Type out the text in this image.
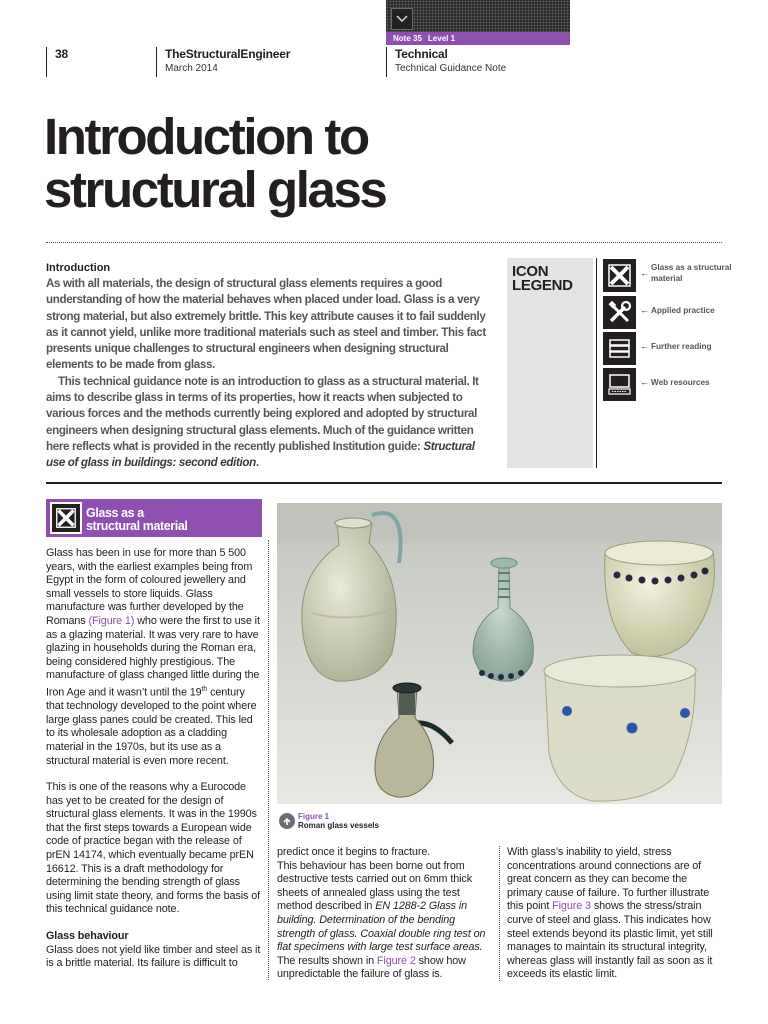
Note 35 Level 1
38	TheStructuralEngineer
March 2014
Technical
Technical Guidance Note
Introduction to
structural glass
Introduction

As with all materials, the design of structural glass elements requires a good understanding of how the material behaves when placed under load. Glass is a very strong material, but also extremely brittle. This key attribute causes it to fail suddenly as it cannot yield, unlike more traditional materials such as steel and timber. This fact presents unique challenges to structural engineers when designing structural elements to be made from glass.

This technical guidance note is an introduction to glass as a structural material. It aims to describe glass in terms of its properties, how it reacts when subjected to various forces and the methods currently being explored and adopted by structural engineers when designing structural glass elements. Much of the guidance written here reflects what is provided in the recently published Institution guide: Structural use of glass in buildings: second edition.

ICON
LEGEND
←
Glass as a structural material
← Applied practice
← Further reading
← Web resources
Glass as a
structural material

Glass has been in use for more than 5 500 years, with the earliest examples being from Egypt in the form of coloured jewellery and small vessels to store liquids. Glass manufacture was further developed by the Romans (Figure 1) who were the first to use it as a glazing material. It was very rare to have glazing in households during the Roman era, being considered highly prestigious. The manufacture of glass changed little during the Iron Age and it wasn’t until the 19th century that technology developed to the point where large glass panes could be created. This led to its wholesale adoption as a cladding material in the 1970s, but its use as a structural material is even more recent.

This is one of the reasons why a Eurocode has yet to be created for the design of structural glass elements. It was in the 1990s that the first steps towards a European wide code of practice began with the release of prEN 14174, which eventually became prEN 16612. This is a draft methodology for determining the bending strength of glass using limit state theory, and forms the basis of this technical guidance note.

Glass behaviour

Glass does not yield like timber and steel as it is a brittle material. Its failure is difficult to

Figure 1
Roman glass vessels

predict once it begins to fracture.

This behaviour has been borne out from destructive tests carried out on 6mm thick sheets of annealed glass using the test method described in EN 1288-2 Glass in building. Determination of the bending strength of glass. Coaxial double ring test on flat specimens with large test surface areas. The results shown in Figure 2 show how unpredictable the failure of glass is.

With glass’s inability to yield, stress concentrations around connections are of great concern as they can become the primary cause of failure. To further illustrate this point Figure 3 shows the stress/strain curve of steel and glass. This indicates how steel extends beyond its plastic limit, yet still manages to maintain its structural integrity, whereas glass will instantly fail as soon as it exceeds its elastic limit.
